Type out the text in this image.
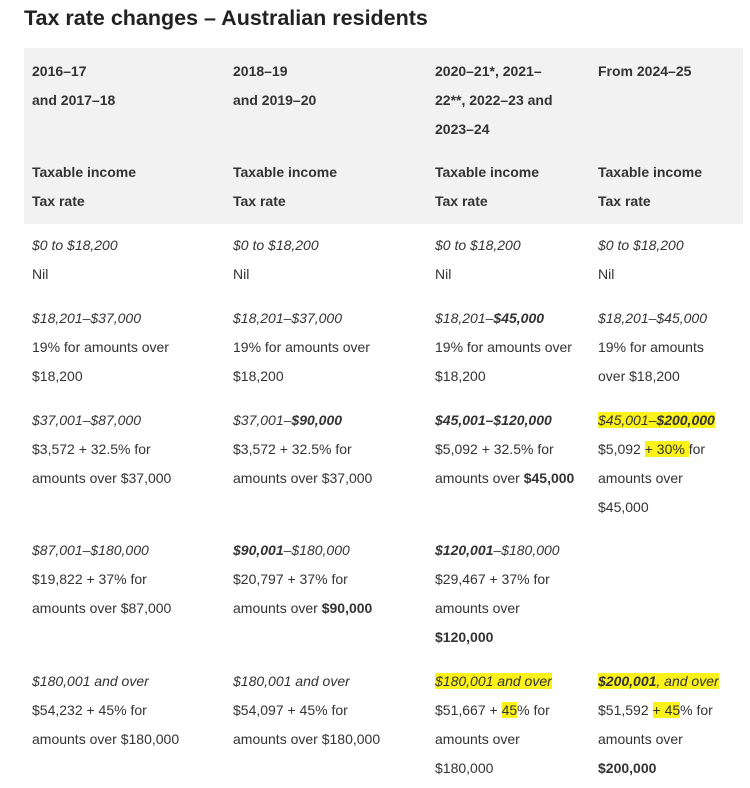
Tax rate changes – Australian residents
2016–17
and 2017–18
Taxable income
Tax rate
2018–19
and 2019–20
Taxable income
Tax rate
2020–21*, 2021–
22**, 2022–23 and
2023–24
Taxable income
Tax rate
From 2024–25
Taxable income
Tax rate
$0 to $18,200
Nil
$0 to $18,200
Nil
$0 to $18,200
Nil
$0 to $18,200
Nil
$18,201–$37,000
19% for amounts over
$18,200
$18,201–$37,000
19% for amounts over
$18,200
$18,201–$45,000
19% for amounts over
$18,200
$18,201–$45,000
19% for amounts
over $18,200
$37,001–$87,000
$3,572 + 32.5% for
amounts over $37,000
$37,001–$90,000
$3,572 + 32.5% for
amounts over $37,000
$45,001–$120,000
$5,092 + 32.5% for
amounts over $45,000
$45,001–$200,000
$5,092 + 30% for
amounts over
$45,000
$87,001–$180,000
$19,822 + 37% for
amounts over $87,000
$90,001–$180,000
$20,797 + 37% for
amounts over $90,000
$120,001–$180,000
$29,467 + 37% for
amounts over
$120,000
$180,001 and over
$54,232 + 45% for
amounts over $180,000
$180,001 and over
$54,097 + 45% for
amounts over $180,000
$180,001 and over
$51,667 + 45% for
amounts over
$180,000
$200,001, and over
$51,592 + 45% for
amounts over
$200,000
